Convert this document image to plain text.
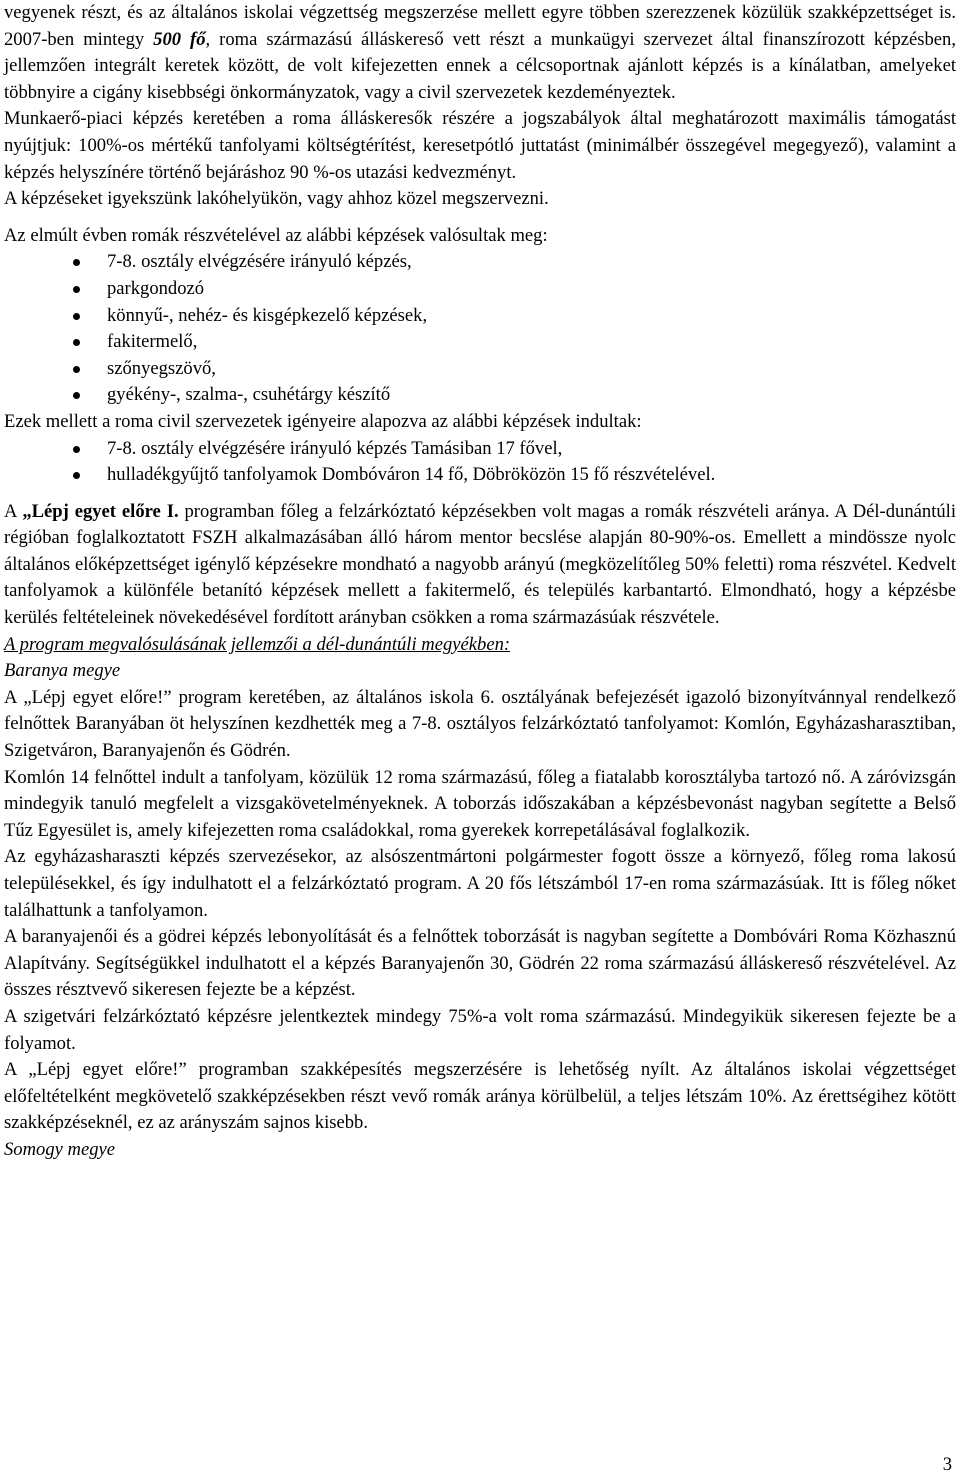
vegyenek részt, és az általános iskolai végzettség megszerzése mellett egyre többen szerezzenek közülük szakképzettséget is. 2007-ben mintegy 500 fő, roma származású álláskereső vett részt a munkaügyi szervezet által finanszírozott képzésben, jellemzően integrált keretek között, de volt kifejezetten ennek a célcsoportnak ajánlott képzés is a kínálatban, amelyeket többnyire a cigány kisebbségi önkormányzatok, vagy a civil szervezetek kezdeményeztek.

Munkaerő-piaci képzés keretében a roma álláskeresők részére a jogszabályok által meghatározott maximális támogatást nyújtjuk: 100%-os mértékű tanfolyami költségtérítést, keresetpótló juttatást (minimálbér összegével megegyező), valamint a képzés helyszínére történő bejáráshoz 90 %-os utazási kedvezményt.

A képzéseket igyekszünk lakóhelyükön, vagy ahhoz közel megszervezni.

Az elmúlt évben romák részvételével az alábbi képzések valósultak meg:

7-8. osztály elvégzésére irányuló képzés,
parkgondozó
könnyű-, nehéz- és kisgépkezelő képzések,
fakitermelő,
szőnyegszövő,
gyékény-, szalma-, csuhétárgy készítő

Ezek mellett a roma civil szervezetek igényeire alapozva az alábbi képzések indultak:

7-8. osztály elvégzésére irányuló képzés Tamásiban 17 fővel,
hulladékgyűjtő tanfolyamok Dombóváron 14 fő, Döbröközön 15 fő részvételével.

A „Lépj egyet előre I. programban főleg a felzárkóztató képzésekben volt magas a romák részvételi aránya. A Dél-dunántúli régióban foglalkoztatott FSZH alkalmazásában álló három mentor becslése alapján 80-90%-os. Emellett a mindössze nyolc általános előképzettséget igénylő képzésekre mondható a nagyobb arányú (megközelítőleg 50% feletti) roma részvétel. Kedvelt tanfolyamok a különféle betanító képzések mellett a fakitermelő, és település karbantartó. Elmondható, hogy a képzésbe kerülés feltételeinek növekedésével fordított arányban csökken a roma származásúak részvétele.

A program megvalósulásának jellemzői a dél-dunántúli megyékben:

Baranya megye

A „Lépj egyet előre!” program keretében, az általános iskola 6. osztályának befejezését igazoló bizonyítvánnyal rendelkező felnőttek Baranyában öt helyszínen kezdhették meg a 7-8. osztályos felzárkóztató tanfolyamot: Komlón, Egyházasharasztiban, Szigetváron, Baranyajenőn és Gödrén.

Komlón 14 felnőttel indult a tanfolyam, közülük 12 roma származású, főleg a fiatalabb korosztályba tartozó nő. A záróvizsgán mindegyik tanuló megfelelt a vizsgakövetelményeknek. A toborzás időszakában a képzésbevonást nagyban segítette a Belső Tűz Egyesület is, amely kifejezetten roma családokkal, roma gyerekek korrepetálásával foglalkozik.

Az egyházasharaszti képzés szervezésekor, az alsószentmártoni polgármester fogott össze a környező, főleg roma lakosú településekkel, és így indulhatott el a felzárkóztató program. A 20 fős létszámból 17-en roma származásúak. Itt is főleg nőket találhattunk a tanfolyamon.

A baranyajenői és a gödrei képzés lebonyolítását és a felnőttek toborzását is nagyban segítette a Dombóvári Roma Közhasznú Alapítvány. Segítségükkel indulhatott el a képzés Baranyajenőn 30, Gödrén 22 roma származású álláskereső részvételével. Az összes résztvevő sikeresen fejezte be a képzést.

A szigetvári felzárkóztató képzésre jelentkeztek mindegy 75%-a volt roma származású. Mindegyikük sikeresen fejezte be a folyamot.

A „Lépj egyet előre!” programban szakképesítés megszerzésére is lehetőség nyílt. Az általános iskolai végzettséget előfeltételként megkövetelő szakképzésekben részt vevő romák aránya körülbelül, a teljes létszám 10%. Az érettségihez kötött szakképzéseknél, ez az arányszám sajnos kisebb.

Somogy megye

3
